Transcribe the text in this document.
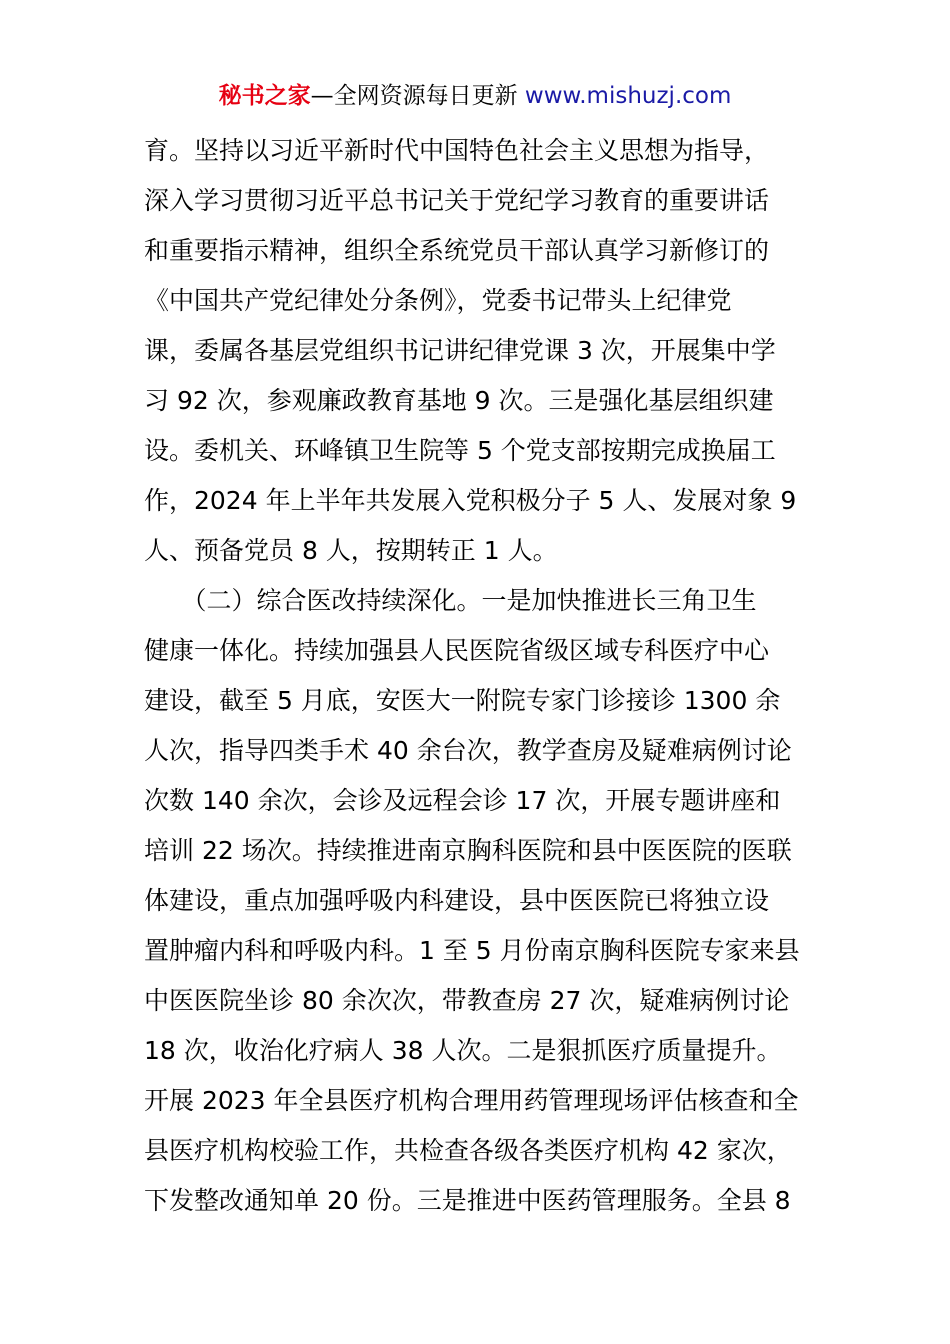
秘书之家—全网资源每日更新 www.mishuzj.com
育。坚持以习近平新时代中国特色社会主义思想为指导，
深入学习贯彻习近平总书记关于党纪学习教育的重要讲话
和重要指示精神，组织全系统党员干部认真学习新修订的
《中国共产党纪律处分条例》，党委书记带头上纪律党
课，委属各基层党组织书记讲纪律党课 3 次，开展集中学
习 92 次，参观廉政教育基地 9 次。三是强化基层组织建
设。委机关、环峰镇卫生院等 5 个党支部按期完成换届工
作，2024 年上半年共发展入党积极分子 5 人、发展对象 9
人、预备党员 8 人，按期转正 1 人。
　　（二）综合医改持续深化。一是加快推进长三角卫生
健康一体化。持续加强县人民医院省级区域专科医疗中心
建设，截至 5 月底，安医大一附院专家门诊接诊 1300 余
人次，指导四类手术 40 余台次，教学查房及疑难病例讨论
次数 140 余次，会诊及远程会诊 17 次，开展专题讲座和
培训 22 场次。持续推进南京胸科医院和县中医医院的医联
体建设，重点加强呼吸内科建设，县中医医院已将独立设
置肿瘤内科和呼吸内科。1 至 5 月份南京胸科医院专家来县
中医医院坐诊 80 余次次，带教查房 27 次，疑难病例讨论
18 次，收治化疗病人 38 人次。二是狠抓医疗质量提升。
开展 2023 年全县医疗机构合理用药管理现场评估核查和全
县医疗机构校验工作，共检查各级各类医疗机构 42 家次，
下发整改通知单 20 份。三是推进中医药管理服务。全县 8
